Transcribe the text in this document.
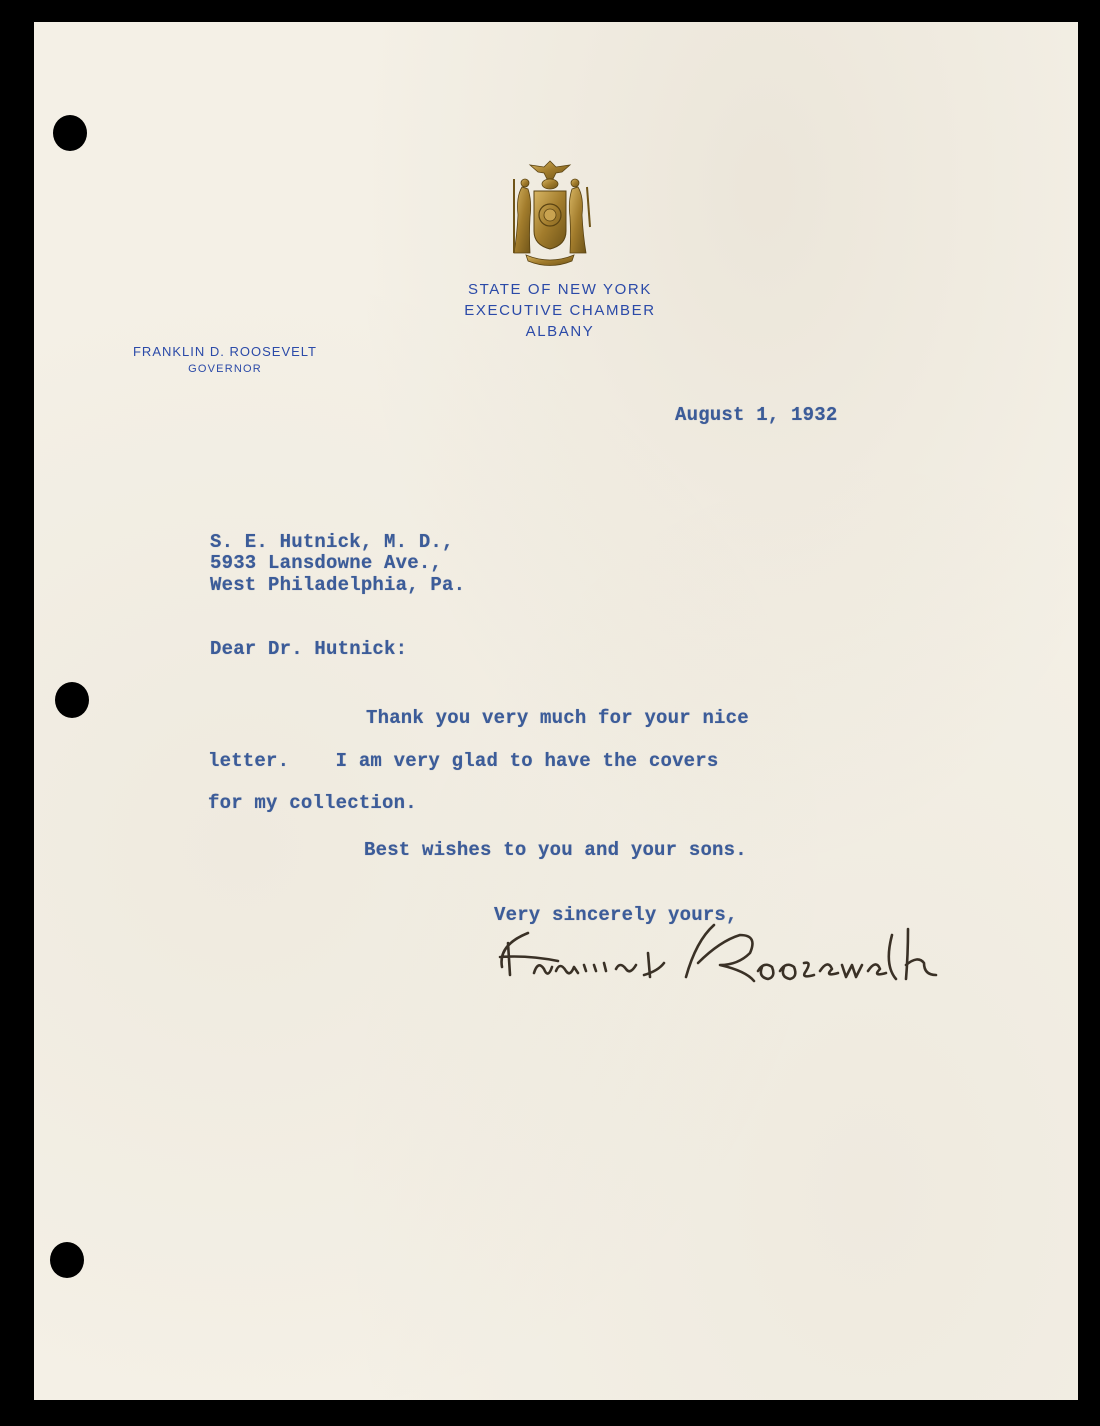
STATE OF NEW YORK
EXECUTIVE CHAMBER
ALBANY
FRANKLIN D. ROOSEVELT
GOVERNOR
August 1, 1932
S. E. Hutnick, M. D.,
5933 Lansdowne Ave.,
West Philadelphia, Pa.
Dear Dr. Hutnick:
Thank you very much for your nice
letter.    I am very glad to have the covers
for my collection.
Best wishes to you and your sons.
Very sincerely yours,
